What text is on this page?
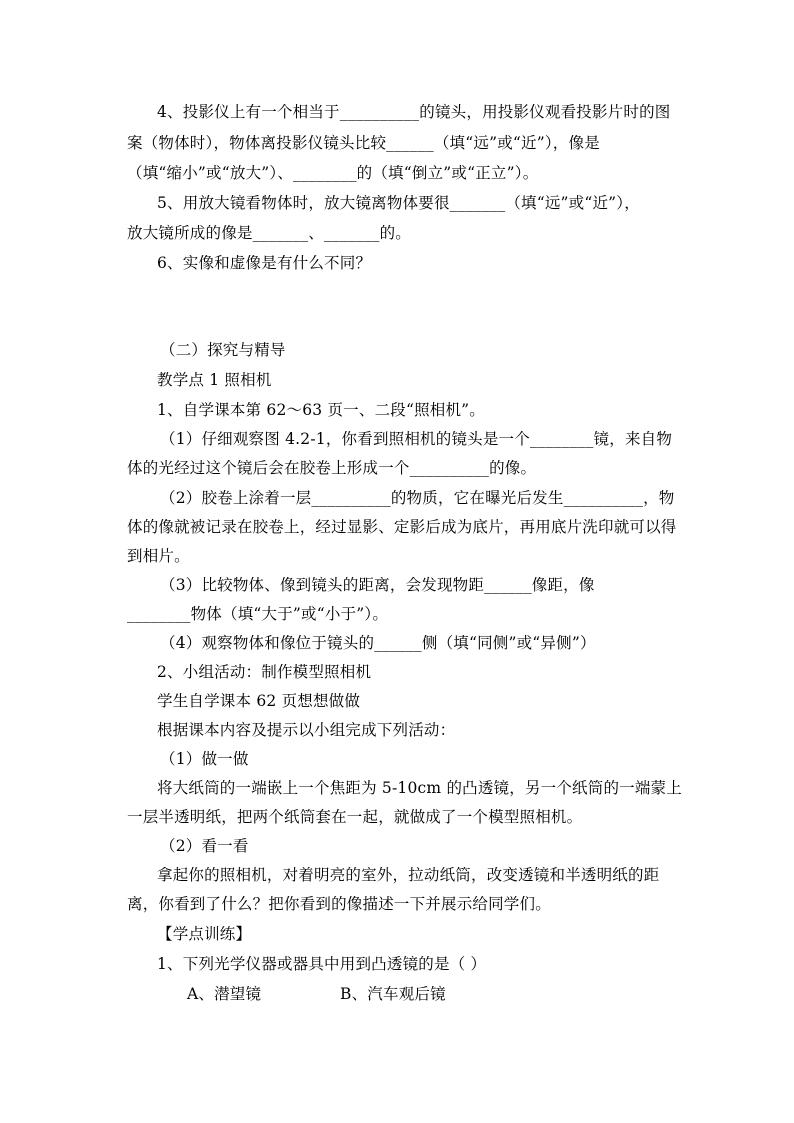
4、投影仪上有一个相当于__________的镜头，用投影仪观看投影片时的图
案（物体时），物体离投影仪镜头比较______（填“远”或“近”），像是
（填“缩小”或“放大”）、________的（填“倒立”或“正立”）。
5、用放大镜看物体时，放大镜离物体要很_______（填“远”或“近”），
放大镜所成的像是_______、_______的。
6、实像和虚像是有什么不同？
（二）探究与精导
教学点 1 照相机
1、自学课本第 62～63 页一、二段“照相机”。
（1）仔细观察图 4.2-1，你看到照相机的镜头是一个________镜，来自物
体的光经过这个镜后会在胶卷上形成一个__________的像。
（2）胶卷上涂着一层__________的物质，它在曝光后发生__________，物
体的像就被记录在胶卷上，经过显影、定影后成为底片，再用底片洗印就可以得
到相片。
（3）比较物体、像到镜头的距离，会发现物距______像距，像
________物体（填“大于”或“小于”）。
（4）观察物体和像位于镜头的______侧（填“同侧”或“异侧”）
2、小组活动：制作模型照相机
学生自学课本 62 页想想做做
根据课本内容及提示以小组完成下列活动：
（1）做一做
将大纸筒的一端嵌上一个焦距为 5-10cm 的凸透镜，另一个纸筒的一端蒙上
一层半透明纸，把两个纸筒套在一起，就做成了一个模型照相机。
（2）看一看
拿起你的照相机，对着明亮的室外，拉动纸筒，改变透镜和半透明纸的距
离，你看到了什么？把你看到的像描述一下并展示给同学们。
【学点训练】
1、下列光学仪器或器具中用到凸透镜的是（ ）
A、潜望镜	B、汽车观后镜
